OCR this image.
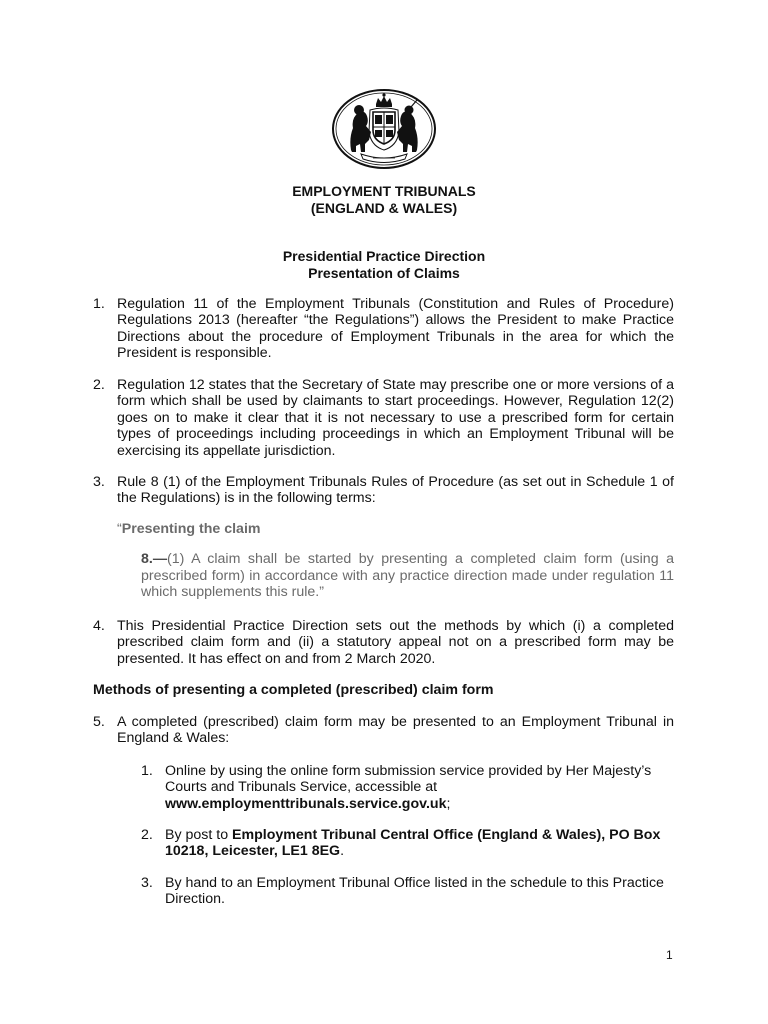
EMPLOYMENT TRIBUNALS
(ENGLAND & WALES)
Presidential Practice Direction
Presentation of Claims
1. Regulation 11 of the Employment Tribunals (Constitution and Rules of Procedure) Regulations 2013 (hereafter “the Regulations”) allows the President to make Practice Directions about the procedure of Employment Tribunals in the area for which the President is responsible.
2. Regulation 12 states that the Secretary of State may prescribe one or more versions of a form which shall be used by claimants to start proceedings. However, Regulation 12(2) goes on to make it clear that it is not necessary to use a prescribed form for certain types of proceedings including proceedings in which an Employment Tribunal will be exercising its appellate jurisdiction.
3. Rule 8 (1) of the Employment Tribunals Rules of Procedure (as set out in Schedule 1 of the Regulations) is in the following terms:
“Presenting the claim
8.—(1) A claim shall be started by presenting a completed claim form (using a prescribed form) in accordance with any practice direction made under regulation 11 which supplements this rule.”
4. This Presidential Practice Direction sets out the methods by which (i) a completed prescribed claim form and (ii) a statutory appeal not on a prescribed form may be presented. It has effect on and from 2 March 2020.
Methods of presenting a completed (prescribed) claim form
5. A completed (prescribed) claim form may be presented to an Employment Tribunal in England & Wales:
1. Online by using the online form submission service provided by Her Majesty’s Courts and Tribunals Service, accessible at
www.employmenttribunals.service.gov.uk;
2. By post to Employment Tribunal Central Office (England & Wales), PO Box 10218, Leicester, LE1 8EG.
3. By hand to an Employment Tribunal Office listed in the schedule to this Practice Direction.
1
